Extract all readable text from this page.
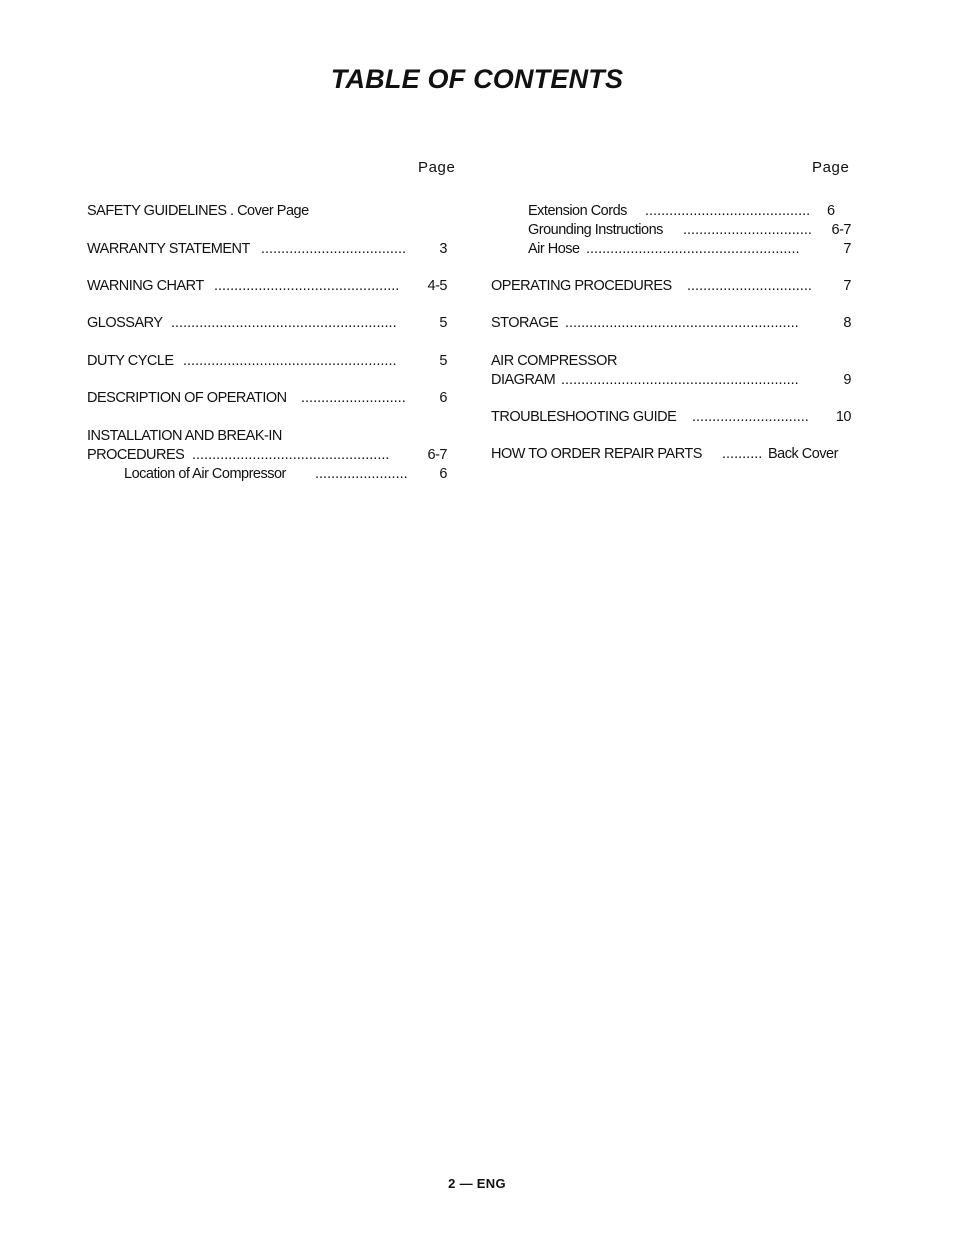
TABLE OF CONTENTS
Page	Page
SAFETY GUIDELINES . Cover Page
WARRANTY STATEMENT ....................................	3
WARNING CHART ..............................................	4-5
GLOSSARY ........................................................	5
DUTY CYCLE .....................................................	5
DESCRIPTION OF OPERATION ..........................	6
INSTALLATION AND BREAK-IN
PROCEDURES .................................................	6-7
Location of Air Compressor .......................	6
Extension Cords .........................................	6
Grounding Instructions ................................	6-7
Air Hose .....................................................	7
OPERATING PROCEDURES ...............................	7
STORAGE ..........................................................	8
AIR COMPRESSOR
DIAGRAM ...........................................................	9
TROUBLESHOOTING GUIDE .............................	10
HOW TO ORDER REPAIR PARTS .......... Back Cover
2 — ENG
